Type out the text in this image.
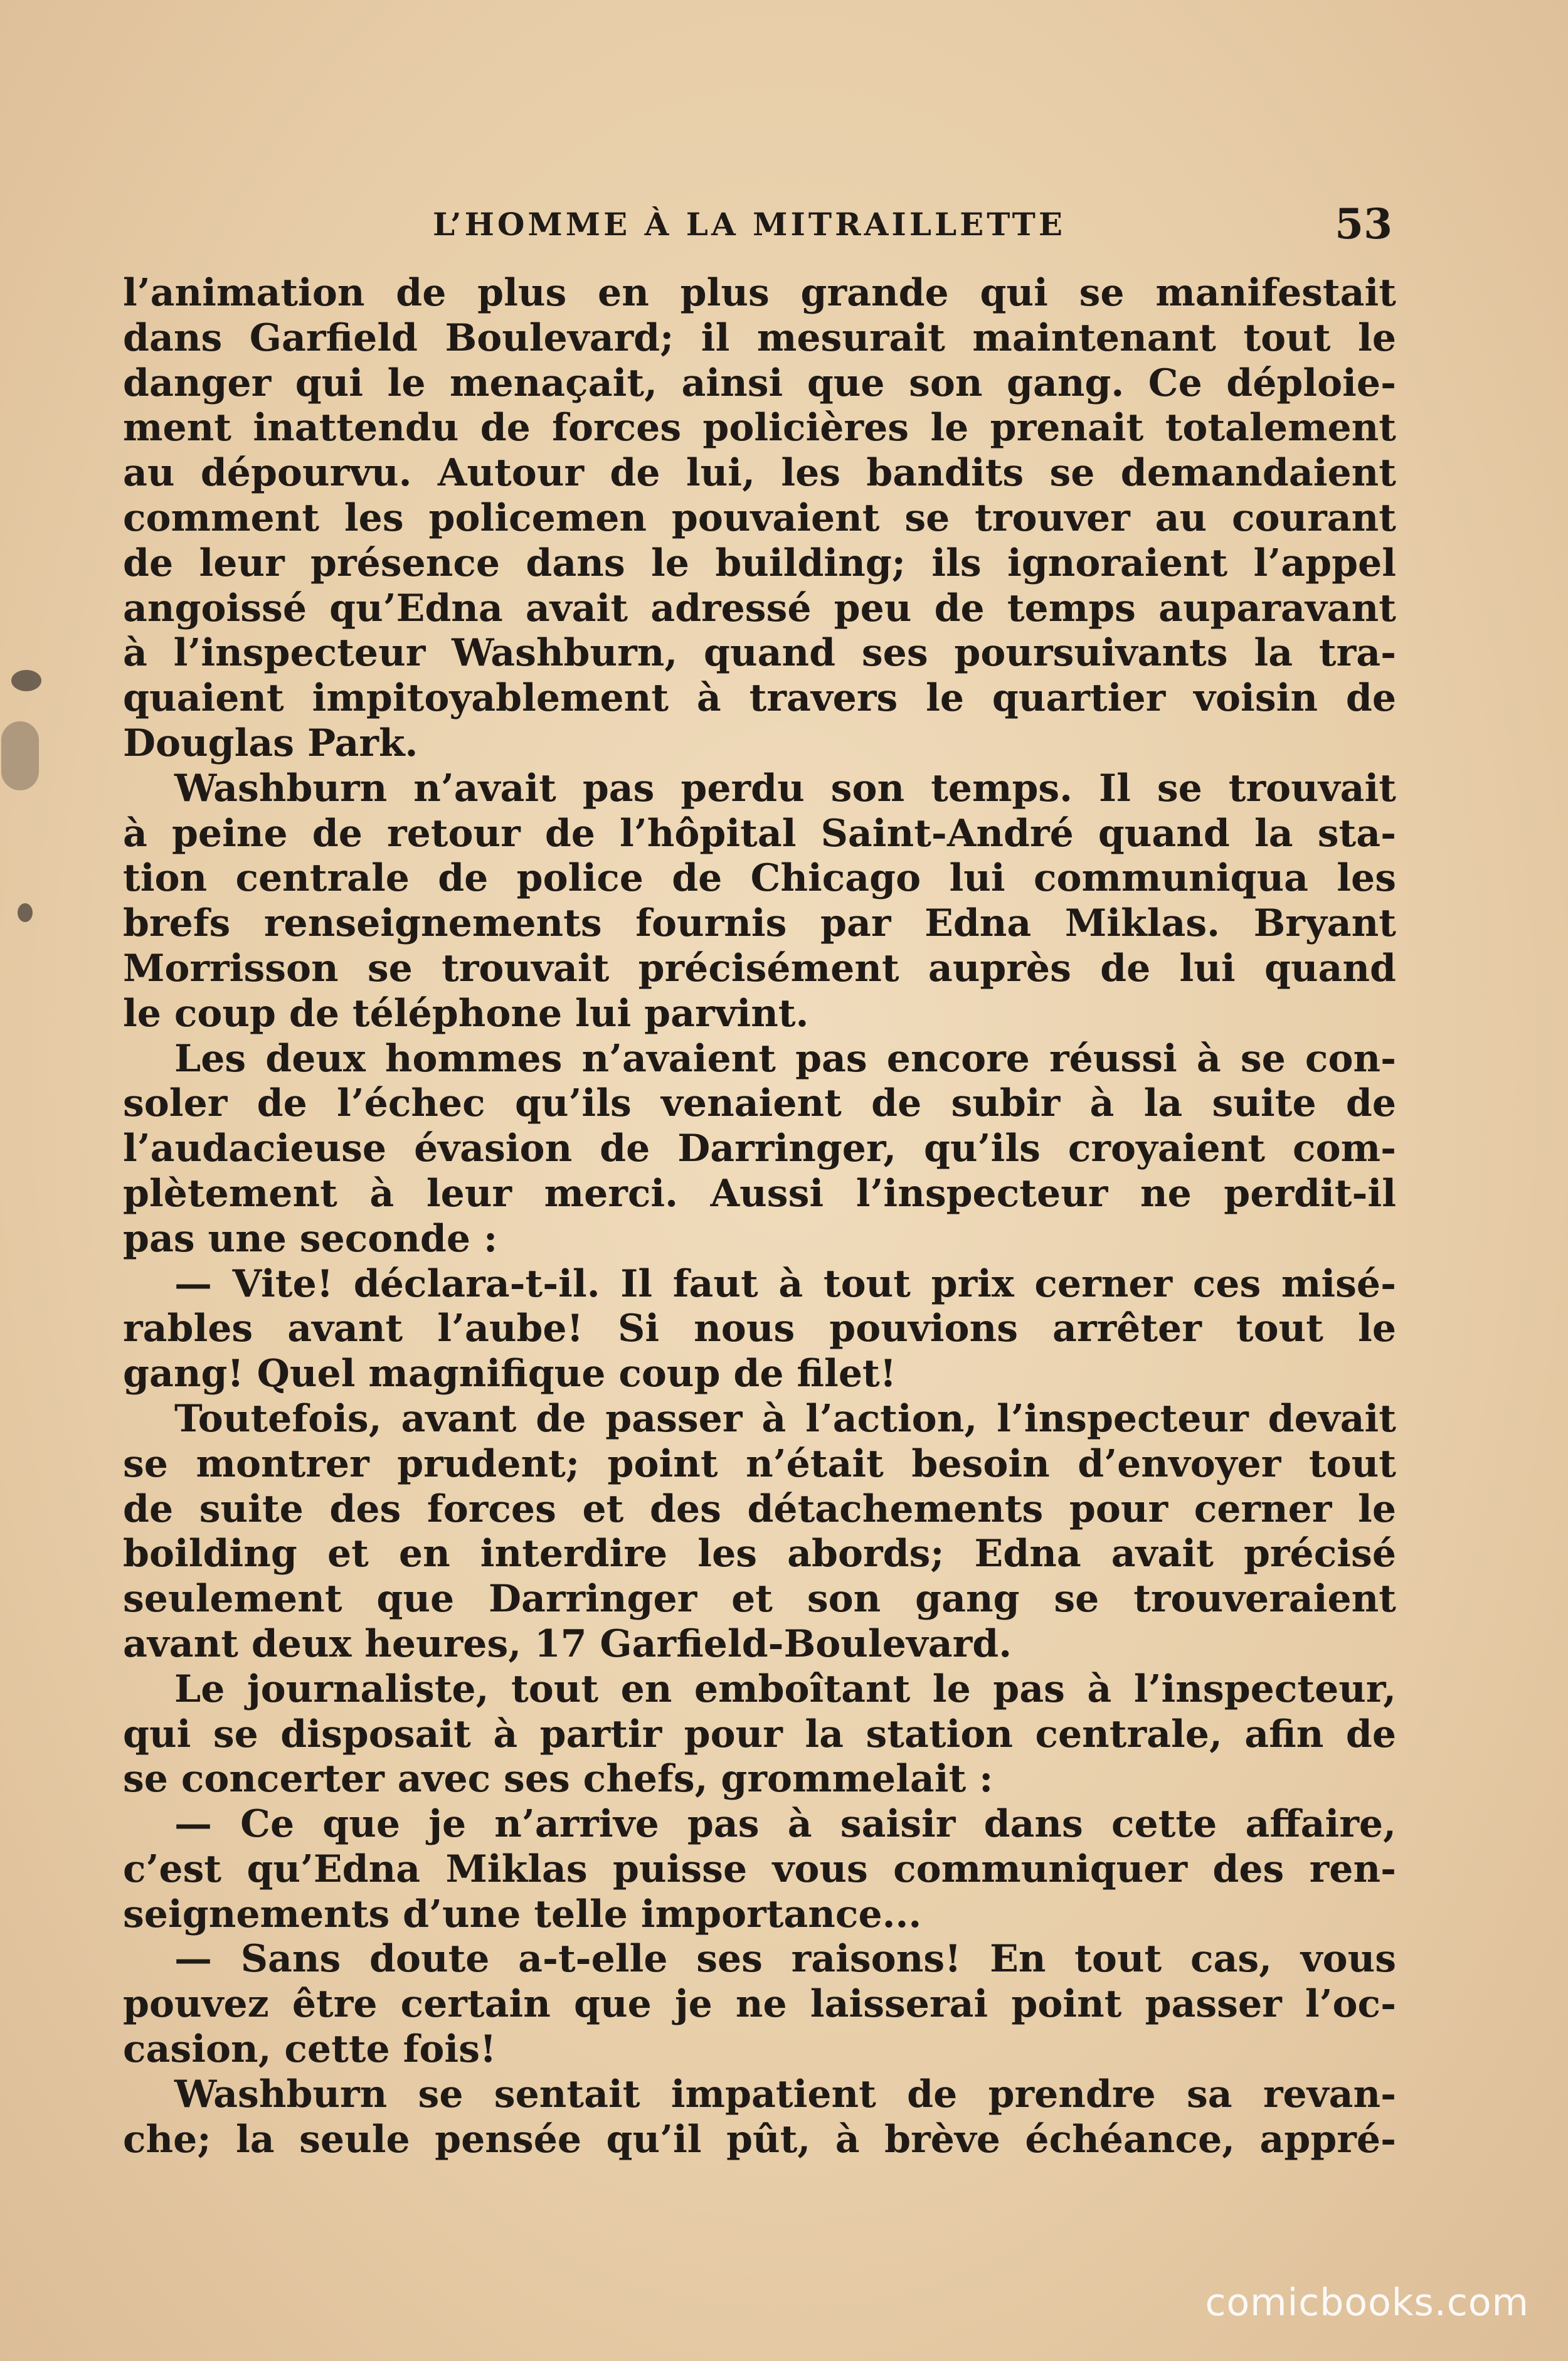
L’HOMME À LA MITRAILLETTE	53
l’animation de plus en plus grande qui se manifestait
dans Garfield Boulevard; il mesurait maintenant tout le
danger qui le menaçait, ainsi que son gang. Ce déploie-
ment inattendu de forces policières le prenait totalement
au dépourvu. Autour de lui, les bandits se demandaient
comment les policemen pouvaient se trouver au courant
de leur présence dans le building; ils ignoraient l’appel
angoissé qu’Edna avait adressé peu de temps auparavant
à l’inspecteur Washburn, quand ses poursuivants la tra-
quaient impitoyablement à travers le quartier voisin de
Douglas Park.
Washburn n’avait pas perdu son temps. Il se trouvait
à peine de retour de l’hôpital Saint-André quand la sta-
tion centrale de police de Chicago lui communiqua les
brefs renseignements fournis par Edna Miklas. Bryant
Morrisson se trouvait précisément auprès de lui quand
le coup de téléphone lui parvint.
Les deux hommes n’avaient pas encore réussi à se con-
soler de l’échec qu’ils venaient de subir à la suite de
l’audacieuse évasion de Darringer, qu’ils croyaient com-
plètement à leur merci. Aussi l’inspecteur ne perdit-il
pas une seconde :
— Vite! déclara-t-il. Il faut à tout prix cerner ces misé-
rables avant l’aube! Si nous pouvions arrêter tout le
gang! Quel magnifique coup de filet!
Toutefois, avant de passer à l’action, l’inspecteur devait
se montrer prudent; point n’était besoin d’envoyer tout
de suite des forces et des détachements pour cerner le
boilding et en interdire les abords; Edna avait précisé
seulement que Darringer et son gang se trouveraient
avant deux heures, 17 Garfield-Boulevard.
Le journaliste, tout en emboîtant le pas à l’inspecteur,
qui se disposait à partir pour la station centrale, afin de
se concerter avec ses chefs, grommelait :
— Ce que je n’arrive pas à saisir dans cette affaire,
c’est qu’Edna Miklas puisse vous communiquer des ren-
seignements d’une telle importance...
— Sans doute a-t-elle ses raisons! En tout cas, vous
pouvez être certain que je ne laisserai point passer l’oc-
casion, cette fois!
Washburn se sentait impatient de prendre sa revan-
che; la seule pensée qu’il pût, à brève échéance, appré-
comicbooks.com
